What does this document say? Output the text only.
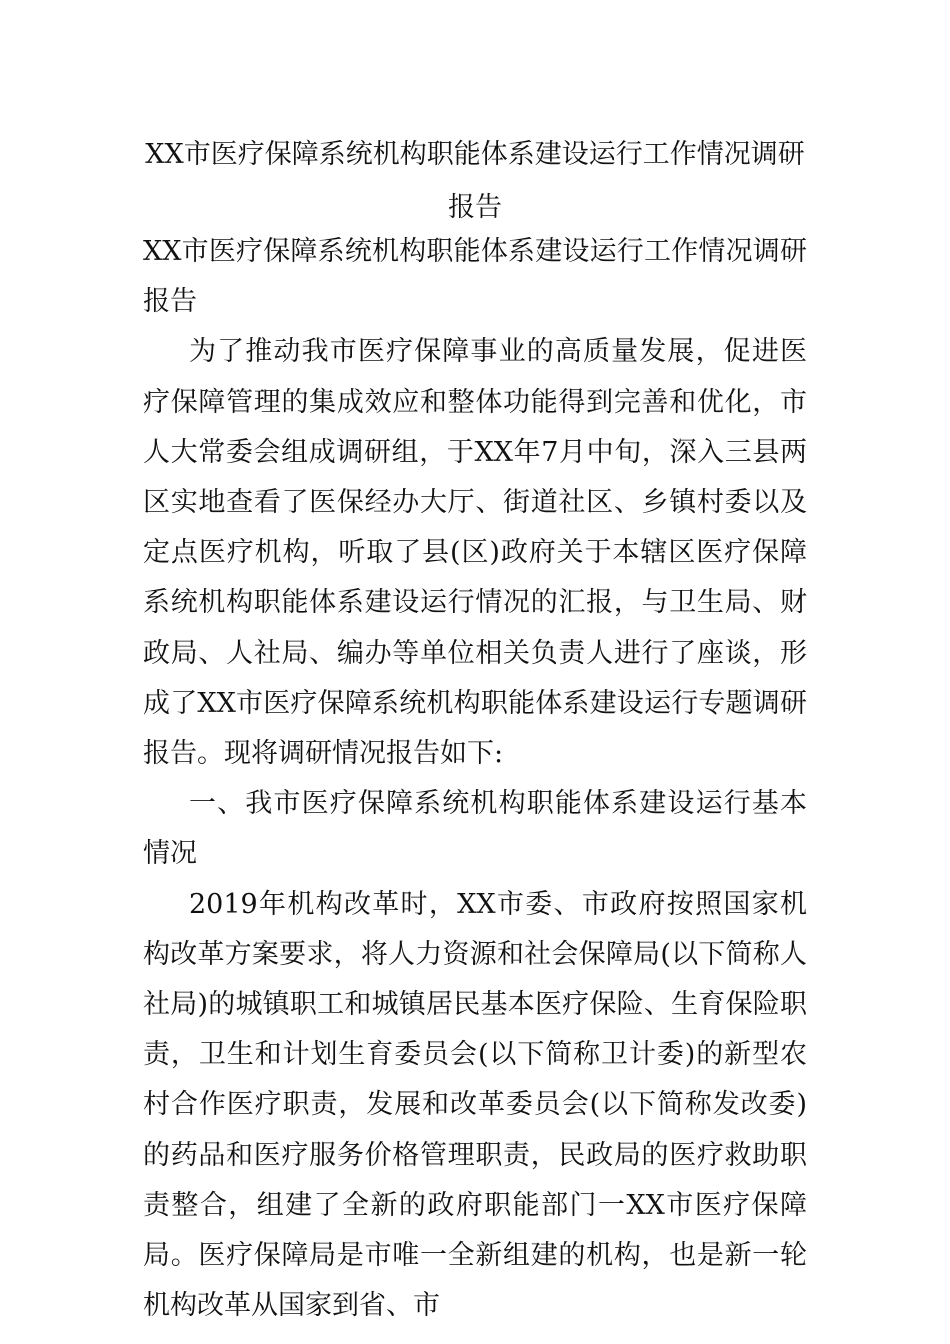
XX市医疗保障系统机构职能体系建设运行工作情况调研报告

XX市医疗保障系统机构职能体系建设运行工作情况调研报告

为了推动我市医疗保障事业的高质量发展，促进医疗保障管理的集成效应和整体功能得到完善和优化，市人大常委会组成调研组，于XX年7月中旬，深入三县两区实地查看了医保经办大厅、街道社区、乡镇村委以及定点医疗机构，听取了县(区)政府关于本辖区医疗保障系统机构职能体系建设运行情况的汇报，与卫生局、财政局、人社局、编办等单位相关负责人进行了座谈，形成了XX市医疗保障系统机构职能体系建设运行专题调研报告。现将调研情况报告如下:

一、我市医疗保障系统机构职能体系建设运行基本情况

2019年机构改革时，XX市委、市政府按照国家机构改革方案要求，将人力资源和社会保障局(以下简称人社局)的城镇职工和城镇居民基本医疗保险、生育保险职责，卫生和计划生育委员会(以下简称卫计委)的新型农村合作医疗职责，发展和改革委员会(以下简称发改委)的药品和医疗服务价格管理职责，民政局的医疗救助职责整合，组建了全新的政府职能部门一XX市医疗保障局。医疗保障局是市唯一全新组建的机构，也是新一轮机构改革从国家到省、市
